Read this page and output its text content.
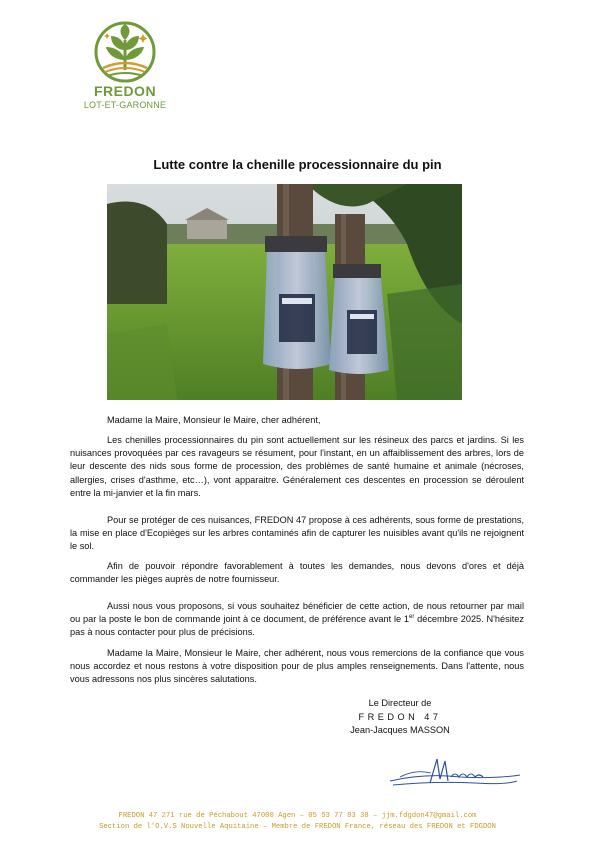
FREDON
LOT-ET-GARONNE
Lutte contre la chenille processionnaire du pin
Madame la Maire, Monsieur le Maire, cher adhérent,

Les chenilles processionnaires du pin sont actuellement sur les résineux des parcs et jardins. Si les nuisances provoquées par ces ravageurs se résument, pour l'instant, en un affaiblissement des arbres, lors de leur descente des nids sous forme de procession, des problèmes de santé humaine et animale (nécroses, allergies, crises d'asthme, etc…), vont apparaitre. Généralement ces descentes en procession se déroulent entre la mi-janvier et la fin mars.

Pour se protéger de ces nuisances, FREDON 47 propose à ces adhérents, sous forme de prestations, la mise en place d'Ecopièges sur les arbres contaminés afin de capturer les nuisibles avant qu'ils ne rejoignent le sol.

Afin de pouvoir répondre favorablement à toutes les demandes, nous devons d'ores et déjà commander les pièges auprès de notre fournisseur.

Aussi nous vous proposons, si vous souhaitez bénéficier de cette action, de nous retourner par mail ou par la poste le bon de commande joint à ce document, de préférence avant le 1er décembre 2025. N'hésitez pas à nous contacter pour plus de précisions.

Madame la Maire, Monsieur le Maire, cher adhérent, nous vous remercions de la confiance que vous nous accordez et nous restons à votre disposition pour de plus amples renseignements. Dans l'attente, nous vous adressons nos plus sincères salutations.

Le Directeur de
FREDON 47
Jean-Jacques MASSON
FREDON 47 271 rue de Péchabout 47000 Agen – 05 53 77 83 38 – jjm.fdgdon47@gmail.com
Section de l'O.V.S Nouvelle Aquitaine – Membre de FREDON France, réseau des FREDON et FDGDON
